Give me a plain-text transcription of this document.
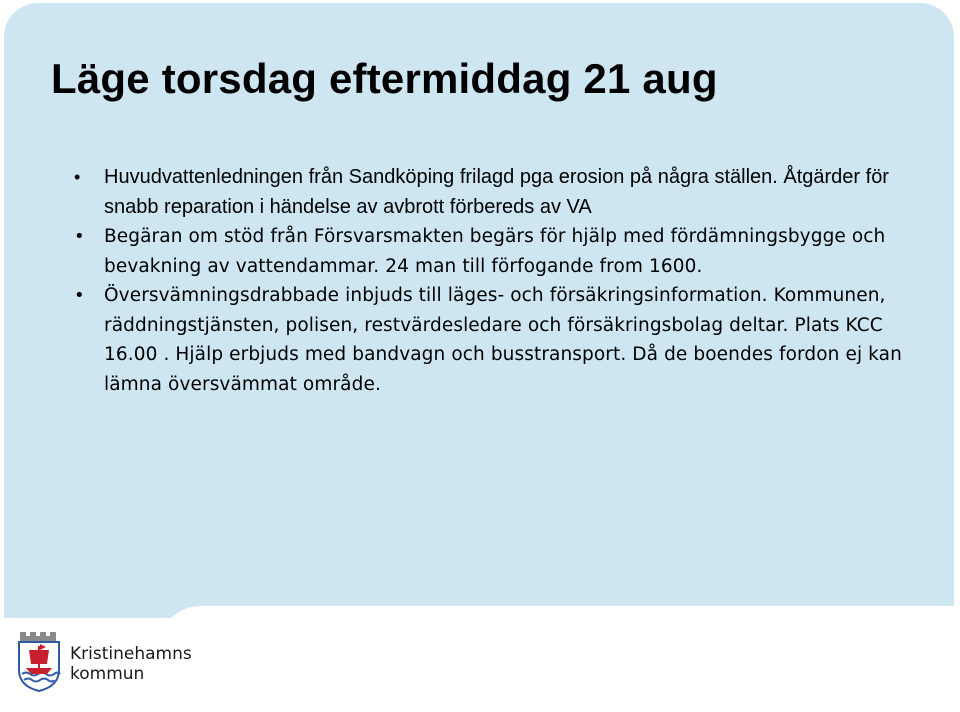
Läge torsdag eftermiddag 21 aug
• Huvudvattenledningen från Sandköping frilagd pga erosion på några ställen. Åtgärder för snabb reparation i händelse av avbrott förbereds av VA
• Begäran om stöd från Försvarsmakten begärs för hjälp med fördämningsbygge och bevakning av vattendammar. 24 man till förfogande from 1600.
• Översvämningsdrabbade inbjuds till läges- och försäkringsinformation. Kommunen, räddningstjänsten, polisen, restvärdesledare och försäkringsbolag deltar. Plats KCC 16.00 . Hjälp erbjuds med bandvagn och busstransport. Då de boendes fordon ej kan lämna översvämmat område.
Kristinehamns
kommun
